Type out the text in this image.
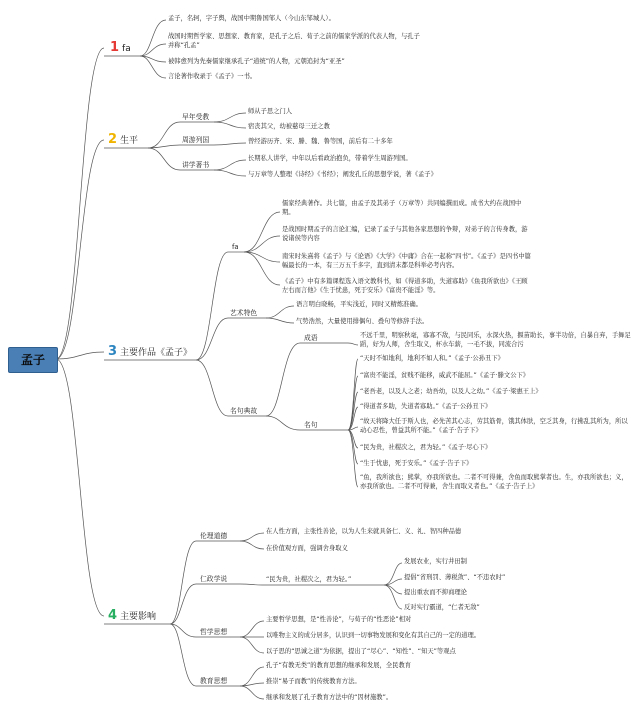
孟子
1 fa
孟子，名轲，字子舆，战国中期鲁国邹人（今山东邹城人）。
战国时期哲学家、思想家、教育家，是孔子之后、荀子之前的儒家学派的代表人物，与孔子并称“孔孟”
被韩愈列为先秦儒家继承孔子“道统”的人物，元朝追封为“亚圣”
言论著作收录于《孟子》一书。
2 生平
早年受教
师从子思之门人
宿丧其父，幼被慈母三迁之教
周游列国	曾经游历齐、宋、滕、魏、鲁等国，前后有二十多年
讲学著书
长期私人讲学，中年以后看政治抱负，带着学生周游列国。
与万章等人整理《诗经》《书经》；阐发孔丘的思想学说，著《孟子》
3 主要作品《孟子》
fa
儒家经典著作。共七篇，由孟子及其弟子（万章等）共同编撰而成。成书大约在战国中期。
是战国时期孟子的言论汇编，记录了孟子与其他各家思想的争辩，对弟子的言传身教，游说诸侯等内容
南宋时朱熹将《孟子》与《论语》《大学》《中庸》合在一起称“四书”。《孟子》是四书中篇幅最长的一本，有三万五千多字，直到清末都是科举必考内容。
《孟子》中有多篇课程选入语文教科书，如《得道多助，失道寡助》《鱼我所欲也》《王顾左右而言他》《生于忧患，死于安乐》《富贵不能淫》等。
艺术特色
语言明白晓畅，平实浅近，同时又精炼准确。
气势浩然，大量使用排偶句、叠句等修辞手法。
名句典故
成语	不远千里，明察秋毫，寡寡不敌，与民同乐，水深火热，揠苗助长，事半功倍，自暴自弃，手舞足蹈，好为人师，舍生取义，杯水车薪，一毛不拔，同流合污
名句
“天时不如地利，地利不如人和。”《孟子·公孙丑下》
“富贵不能淫，贫贱不能移，威武不能屈。”《孟子·滕文公下》
“老吾老，以及人之老；幼吾幼，以及人之幼。”《孟子·梁惠王上》
“得道者多助，失道者寡助。”《孟子·公孙丑下》
“故天将降大任于斯人也，必先苦其心志，劳其筋骨，饿其体肤，空乏其身，行拂乱其所为，所以动心忍性，曾益其所不能。”《孟子·告子下》
“民为贵，社稷次之，君为轻。”《孟子·尽心下》
“生于忧患，死于安乐。”《孟子·告子下》
“鱼，我所欲也；熊掌，亦我所欲也。二者不可得兼，舍鱼而取熊掌者也。生，亦我所欲也；义，亦我所欲也。二者不可得兼，舍生而取义者也。”《孟子·告子上》
4 主要影响
伦理道德
在人性方面，主张性善论，以为人生来就具备仁、义、礼、智四种品德
在价值观方面，强调舍身取义
仁政学说	“民为贵，社稷次之，君为轻。”
发展农业，实行井田制
提倡“省刑罚、薄税敛”、“不违农时”
提出重农而不抑商理论
反对实行霸道，“仁者无敌”
哲学思想
主要哲学思想，是“性善论”，与荀子的“性恶论”相对
以唯物主义的成分居多，认识到一切事物发展和变化有其自己的一定的道理。
以子思的“思诚之道”为依据，提出了“尽心”、“知性”、“知天”等观点
教育思想
孔子“有教无类”的教育思想的继承和发展，全民教育
推崇“易子而教”的传统教育方法。
继承和发展了孔子教育方法中的“因材施教”。
